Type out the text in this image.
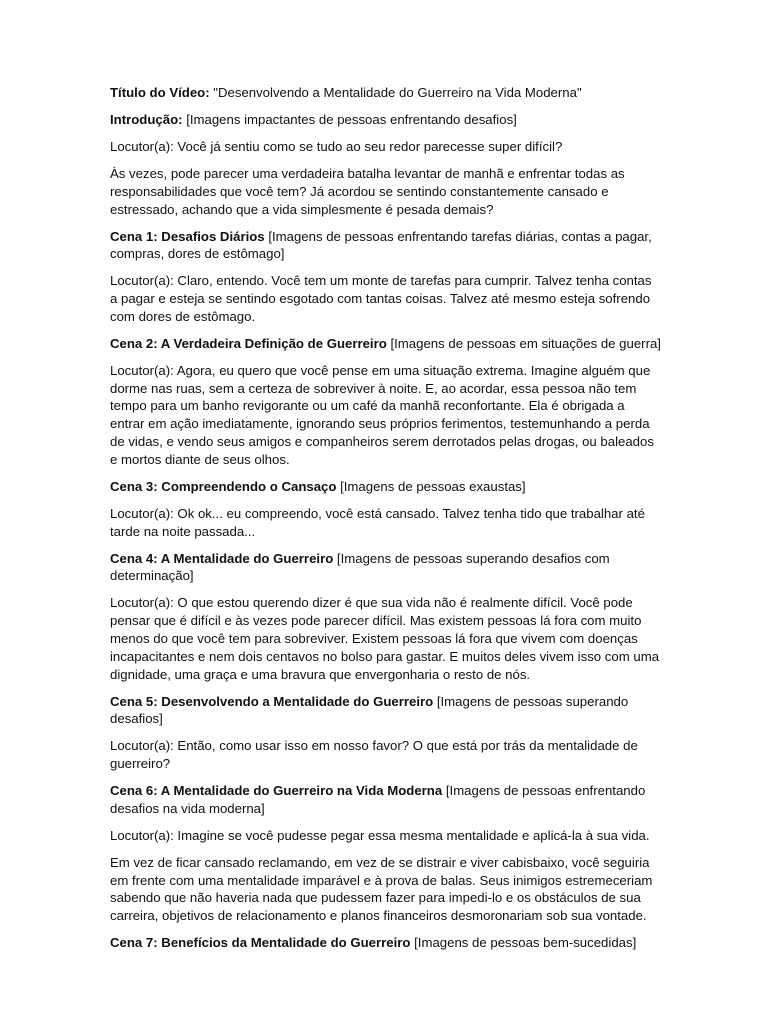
Título do Vídeo: "Desenvolvendo a Mentalidade do Guerreiro na Vida Moderna"

Introdução: [Imagens impactantes de pessoas enfrentando desafios]

Locutor(a): Você já sentiu como se tudo ao seu redor parecesse super difícil?

Às vezes, pode parecer uma verdadeira batalha levantar de manhã e enfrentar todas as responsabilidades que você tem? Já acordou se sentindo constantemente cansado e estressado, achando que a vida simplesmente é pesada demais?

Cena 1: Desafios Diários [Imagens de pessoas enfrentando tarefas diárias, contas a pagar, compras, dores de estômago]

Locutor(a): Claro, entendo. Você tem um monte de tarefas para cumprir. Talvez tenha contas a pagar e esteja se sentindo esgotado com tantas coisas. Talvez até mesmo esteja sofrendo com dores de estômago.

Cena 2: A Verdadeira Definição de Guerreiro [Imagens de pessoas em situações de guerra]

Locutor(a): Agora, eu quero que você pense em uma situação extrema. Imagine alguém que dorme nas ruas, sem a certeza de sobreviver à noite. E, ao acordar, essa pessoa não tem tempo para um banho revigorante ou um café da manhã reconfortante. Ela é obrigada a entrar em ação imediatamente, ignorando seus próprios ferimentos, testemunhando a perda de vidas, e vendo seus amigos e companheiros serem derrotados pelas drogas, ou baleados e mortos diante de seus olhos.

Cena 3: Compreendendo o Cansaço [Imagens de pessoas exaustas]

Locutor(a): Ok ok... eu compreendo, você está cansado. Talvez tenha tido que trabalhar até tarde na noite passada...

Cena 4: A Mentalidade do Guerreiro [Imagens de pessoas superando desafios com determinação]

Locutor(a): O que estou querendo dizer é que sua vida não é realmente difícil. Você pode pensar que é difícil e às vezes pode parecer difícil. Mas existem pessoas lá fora com muito menos do que você tem para sobreviver. Existem pessoas lá fora que vivem com doenças incapacitantes e nem dois centavos no bolso para gastar. E muitos deles vivem isso com uma dignidade, uma graça e uma bravura que envergonharia o resto de nós.

Cena 5: Desenvolvendo a Mentalidade do Guerreiro [Imagens de pessoas superando desafios]

Locutor(a): Então, como usar isso em nosso favor? O que está por trás da mentalidade de guerreiro?

Cena 6: A Mentalidade do Guerreiro na Vida Moderna [Imagens de pessoas enfrentando desafios na vida moderna]

Locutor(a): Imagine se você pudesse pegar essa mesma mentalidade e aplicá-la à sua vida.

Em vez de ficar cansado reclamando, em vez de se distrair e viver cabisbaixo, você seguiria em frente com uma mentalidade imparável e à prova de balas. Seus inimigos estremeceriam sabendo que não haveria nada que pudessem fazer para impedi-lo e os obstáculos de sua carreira, objetivos de relacionamento e planos financeiros desmoronariam sob sua vontade.

Cena 7: Benefícios da Mentalidade do Guerreiro [Imagens de pessoas bem-sucedidas]
